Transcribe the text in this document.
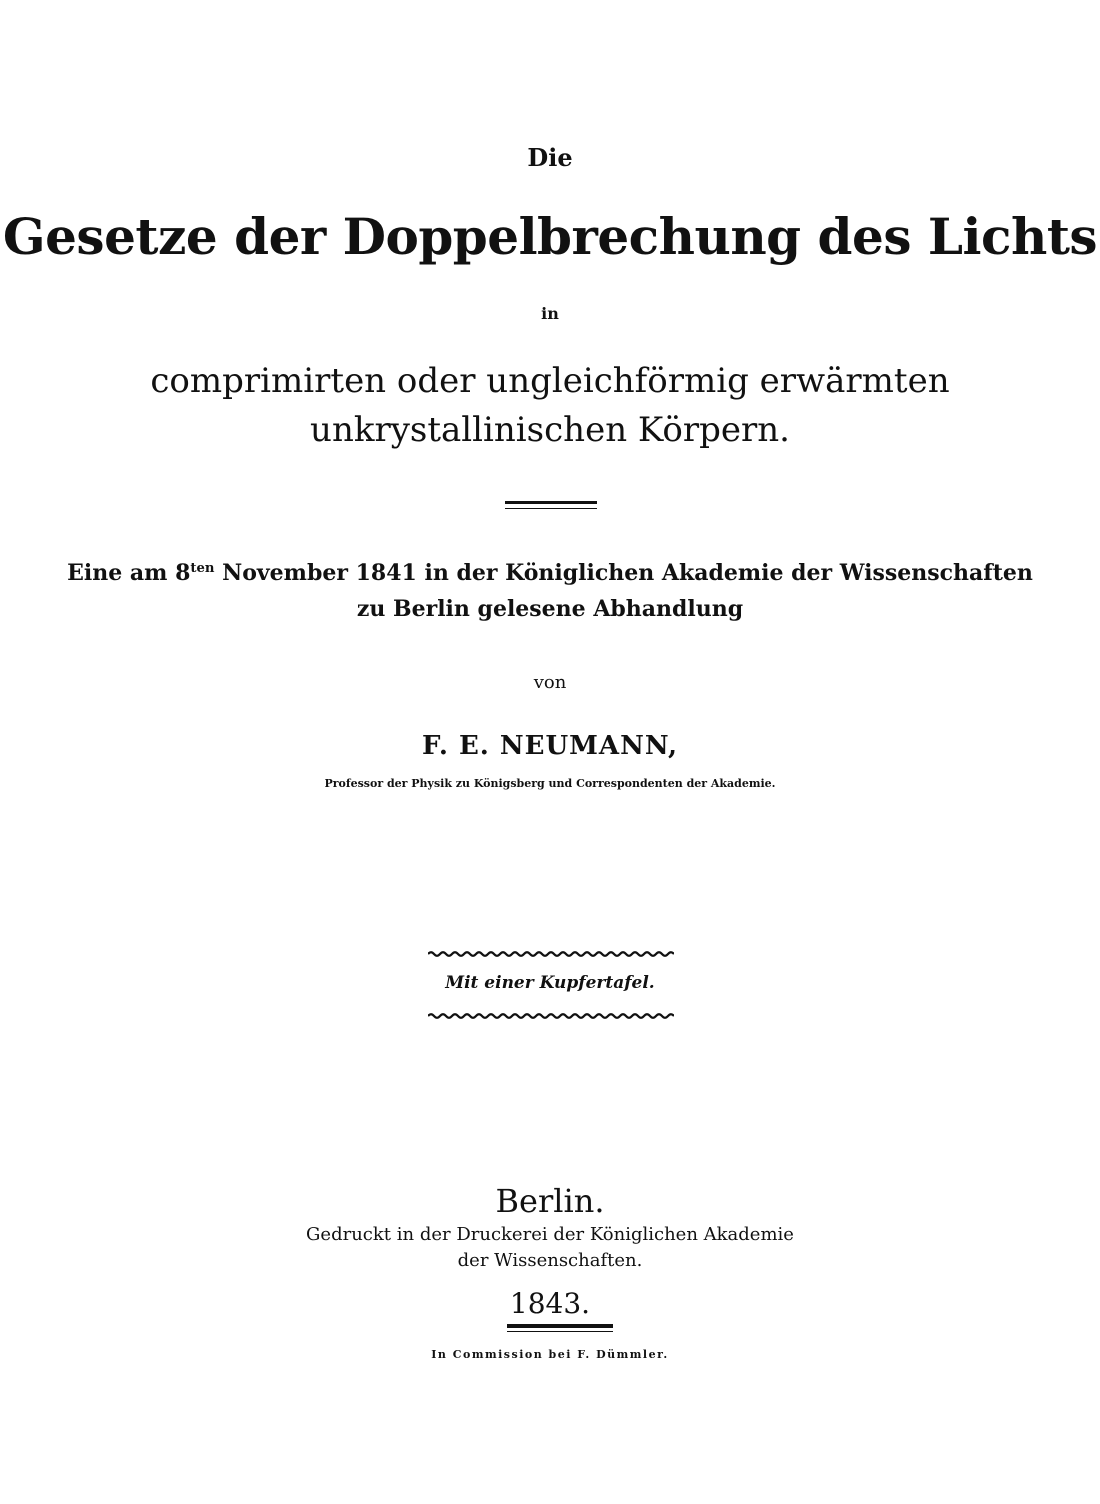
Die
Gesetze der Doppelbrechung des Lichts
in
comprimirten oder ungleichförmig erwärmten
unkrystallinischen Körpern.
Eine am $8^{ten}$ November 1841 in der Königlichen Akademie der Wissenschaften
zu Berlin gelesene Abhandlung
von
F. E. NEUMANN,
Professor der Physik zu Königsberg und Correspondenten der Akademie.
Mit einer Kupfertafel.
Berlin.
Gedruckt in der Druckerei der Königlichen Akademie
der Wissenschaften.
1843.
In Commission bei F. Dümmler.
